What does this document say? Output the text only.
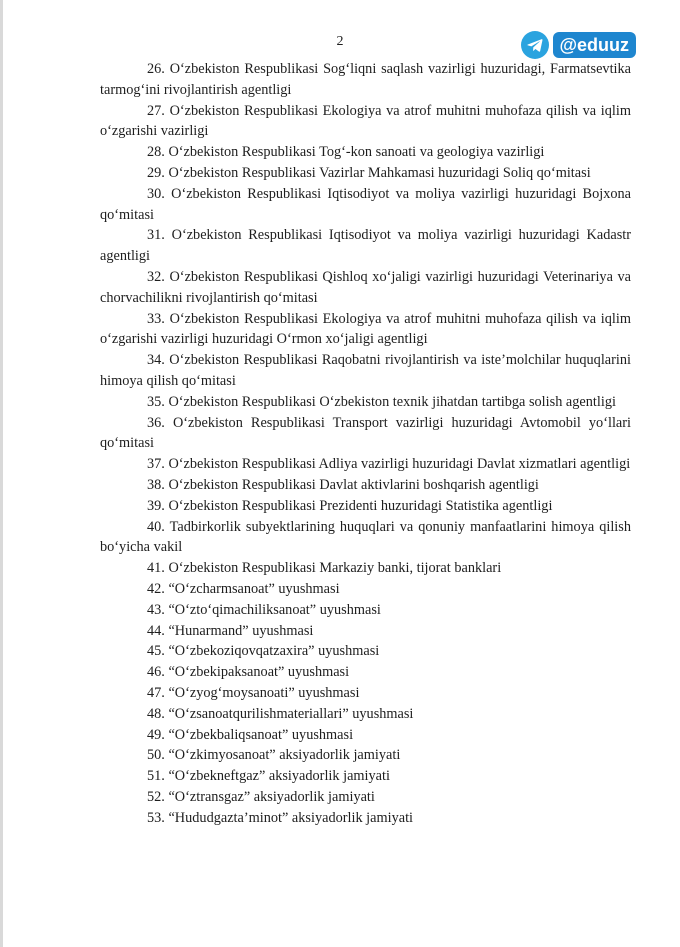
2	@eduuz

26. O‘zbekiston Respublikasi Sog‘liqni saqlash vazirligi huzuridagi, Farmatsevtika tarmog‘ini rivojlantirish agentligi

27. O‘zbekiston Respublikasi Ekologiya va atrof muhitni muhofaza qilish va iqlim o‘zgarishi vazirligi

28. O‘zbekiston Respublikasi Tog‘-kon sanoati va geologiya vazirligi

29. O‘zbekiston Respublikasi Vazirlar Mahkamasi huzuridagi Soliq qo‘mitasi

30. O‘zbekiston Respublikasi Iqtisodiyot va moliya vazirligi huzuridagi Bojxona qo‘mitasi

31. O‘zbekiston Respublikasi Iqtisodiyot va moliya vazirligi huzuridagi Kadastr agentligi

32. O‘zbekiston Respublikasi Qishloq xo‘jaligi vazirligi huzuridagi Veterinariya va chorvachilikni rivojlantirish qo‘mitasi

33. O‘zbekiston Respublikasi Ekologiya va atrof muhitni muhofaza qilish va iqlim o‘zgarishi vazirligi huzuridagi O‘rmon xo‘jaligi agentligi

34. O‘zbekiston Respublikasi Raqobatni rivojlantirish va iste’molchilar huquqlarini himoya qilish qo‘mitasi

35. O‘zbekiston Respublikasi O‘zbekiston texnik jihatdan tartibga solish agentligi

36. O‘zbekiston Respublikasi Transport vazirligi huzuridagi Avtomobil yo‘llari qo‘mitasi

37. O‘zbekiston Respublikasi Adliya vazirligi huzuridagi Davlat xizmatlari agentligi

38. O‘zbekiston Respublikasi Davlat aktivlarini boshqarish agentligi

39. O‘zbekiston Respublikasi Prezidenti huzuridagi Statistika agentligi

40. Tadbirkorlik subyektlarining huquqlari va qonuniy manfaatlarini himoya qilish bo‘yicha vakil

41. O‘zbekiston Respublikasi Markaziy banki, tijorat banklari

42. “O‘zcharmsanoat” uyushmasi

43. “O‘zto‘qimachiliksanoat” uyushmasi

44. “Hunarmand” uyushmasi

45. “O‘zbekoziqovqatzaxira” uyushmasi

46. “O‘zbekipaksanoat” uyushmasi

47. “O‘zyog‘moysanoati” uyushmasi

48. “O‘zsanoatqurilishmateriallari” uyushmasi

49. “O‘zbekbaliqsanoat” uyushmasi

50. “O‘zkimyosanoat” aksiyadorlik jamiyati

51. “O‘zbekneftgaz” aksiyadorlik jamiyati

52. “O‘ztransgaz” aksiyadorlik jamiyati

53. “Hududgazta’minot” aksiyadorlik jamiyati
